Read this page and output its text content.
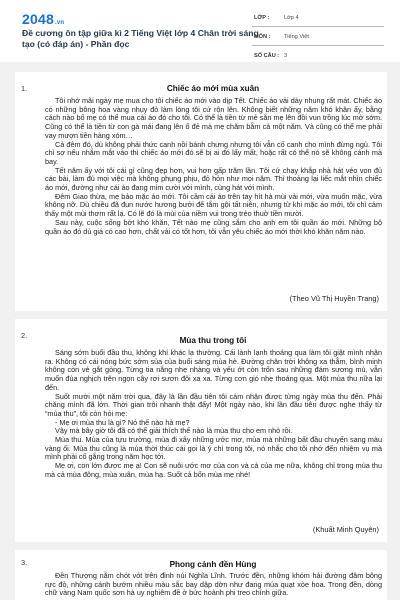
2048.vn
Đề cương ôn tập giữa kì 2 Tiếng Việt lớp 4 Chân trời sáng tạo (có đáp án) - Phần đọc
LỚP :	Lớp 4
MÔN : Tiếng Việt
SỐ CÂU : 3
1.	Chiếc áo mới mùa xuân

Tôi nhớ mãi ngày mẹ mua cho tôi chiếc áo mới vào dịp Tết. Chiếc áo vải dày nhung rất mát. Chiếc áo có những bông hoa vàng nhụy đỏ làm lòng tôi cứ rộn lên. Không biết những năm khó khăn ấy, bằng cách nào bố mẹ có thể mua cái áo đó cho tôi. Có thể là tiền từ mẻ sắn mẹ lên đồi vun trồng lúc mờ sớm. Cũng có thể là tiền từ con gà mái đang lên ổ đẻ mà mẹ chăm bẵm cả một năm. Và cũng có thể mẹ phải vay mượn tiền hàng xóm…

Cả đêm đó, dù không phải thức canh nồi bánh chưng nhưng tôi vẫn cố canh cho mình đừng ngủ. Tôi chỉ sợ nếu nhắm mắt vào thì chiếc áo mới đó sẽ bị ai đó lấy mất, hoặc rất có thể nó sẽ không cánh mà bay.

Tết năm ấy với tôi cái gì cũng đẹp hơn, vui hơn gấp trăm lần. Tôi cứ chạy khắp nhà hát véo von đủ các bài, làm đủ mọi việc mà không phụng phịu, đỏ hỏn như mọi năm. Thỉ thoảng lại liếc mắt nhìn chiếc áo mới, đường như cái áo đang mỉm cười với mình, cùng hát với mình.

Đêm Giao thừa, mẹ bảo mặc áo mới. Tôi cầm cái áo trên tay hít hà mùi vải mới, vừa muốn mặc, vừa không nỡ. Dù chiều đã đun nước hương bưởi để tắm gội tất niên, nhưng từ khi mặc áo mới, tôi chỉ cảm thấy một mùi thơm rất lạ. Có lẽ đó là mùi của niềm vui trong trẻo thuở tiền mười.

Sau này, cuộc sống bớt khó khăn, Tết nào mẹ cũng sắm cho anh em tôi quần áo mới. Những bộ quần áo đó dù giá có cao hơn, chất vải có tốt hơn, tôi vẫn yêu chiếc áo mới thời khó khăn năm nào.

(Theo Vũ Thị Huyền Trang)
2.
Mùa thu trong tôi

Sáng sớm buổi đầu thu, không khí khác lạ thường. Cái lành lạnh thoáng qua làm tôi giật mình nhận ra. Không có cái nóng bức sớm sủa của buổi sáng mùa hè. Đường chân trời không xa thẳm, bình minh không còn vẻ gắt gỏng. Từng tia nắng nhẹ nhàng và yếu ớt còn trốn sau những đám sương mù, vẫn muốn đùa nghịch trên ngọn cây rơi sươn đôi xa xa. Từng cơn gió nhẹ thoáng qua. Một mùa thu nữa lại đến.

Suốt mười một năm trời qua, đây là lần đầu tiên tôi cảm nhận được từng ngày mùa thu đến. Phải chăng mình đã lớn. Thời gian trôi nhanh thật đấy! Một ngày nào, khi lần đầu tiên được nghe thấy từ “mùa thu”, tôi còn hỏi mẹ:

- Mẹ ơi mùa thu là gì? Nó thế nào hả mẹ?

Vậy mà bây giờ tôi đã có thể giải thích thế nào là mùa thu cho em nhỏ rồi.

Mùa thu. Mùa của tựu trường, mùa đi xây những ước mơ, mùa mà những bất đầu chuyến sang màu vàng ối. Mùa thu cũng là mùa thời thúc cái gọi là ý chí trong tôi, nó nhắc cho tôi nhớ đến nhiệm vụ mà mình phải cố gắng trong năm học tới.

Mẹ ơi, con lớn được mẹ ạ! Con sẽ nuôi ước mơ của con và cả của mẹ nữa, không chỉ trong mùa thu mà cả mùa đông, mùa xuân, mùa hạ. Suốt cả bốn mùa mẹ nhé!

(Khuất Minh Quyên)
3.	Phong cảnh đền Hùng

Đền Thượng nằm chót vót trên đỉnh núi Nghĩa Lĩnh. Trước đền, những khóm hải đường đâm bông rực đỏ, những cánh bướm nhiều màu sắc bay dập dờn như đang múa quạt xòe hoa. Trong đền, dòng chữ vàng Nam quốc sơn hà uy nghiêm đề ở bức hoành phi treo chính giữa.
